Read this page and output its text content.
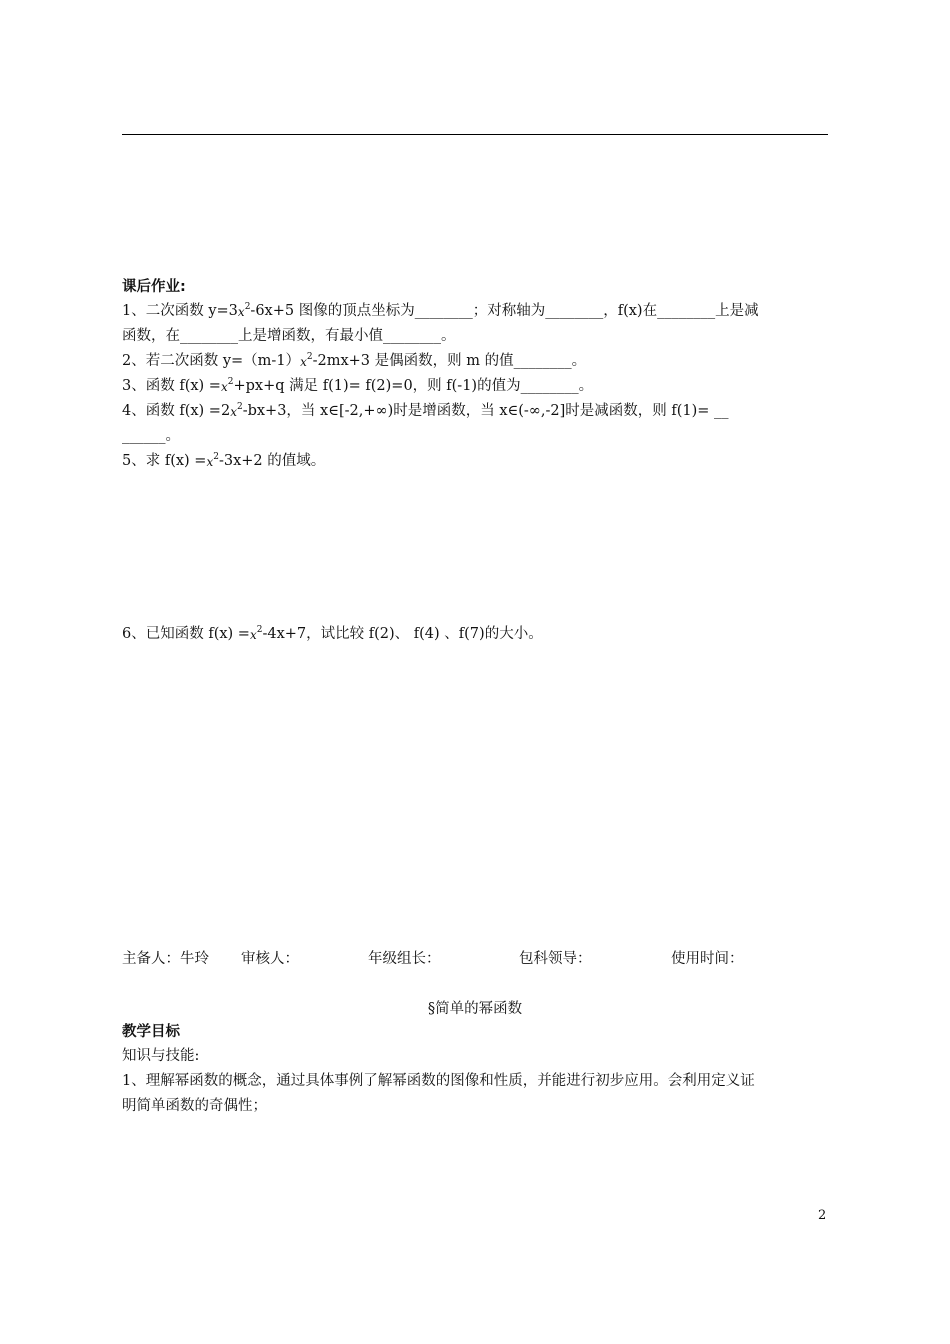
课后作业:
1、二次函数 $y=3x^2-6x+5$ 图像的顶点坐标为________；对称轴为________，f(x)在________上是减
函数，在________上是增函数，有最小值________。
2、若二次函数 $y=(m-1)x^2-2mx+3$ 是偶函数，则 m 的值________。
3、函数 $f(x) =x^2+px+q$ 满足 f(1)= f(2)=0，则 f(-1)的值为________。
4、函数 $f(x) =2x^2-bx+3$，当 x∈[-2,+∞)时是增函数，当 x∈(-∞,-2]时是减函数，则 f(1)= __
______。
5、求 $f(x) =x^2-3x+2$ 的值域。
6、已知函数 $f(x) =x^2-4x+7$，试比较 f(2)、 f(4) 、f(7)的大小。
主备人：牛玲 审核人：	年级组长：	包科领导：	使用时间：
§简单的幂函数
教学目标
知识与技能:
1、理解幂函数的概念，通过具体事例了解幂函数的图像和性质，并能进行初步应用。会利用定义证
明简单函数的奇偶性；
2
